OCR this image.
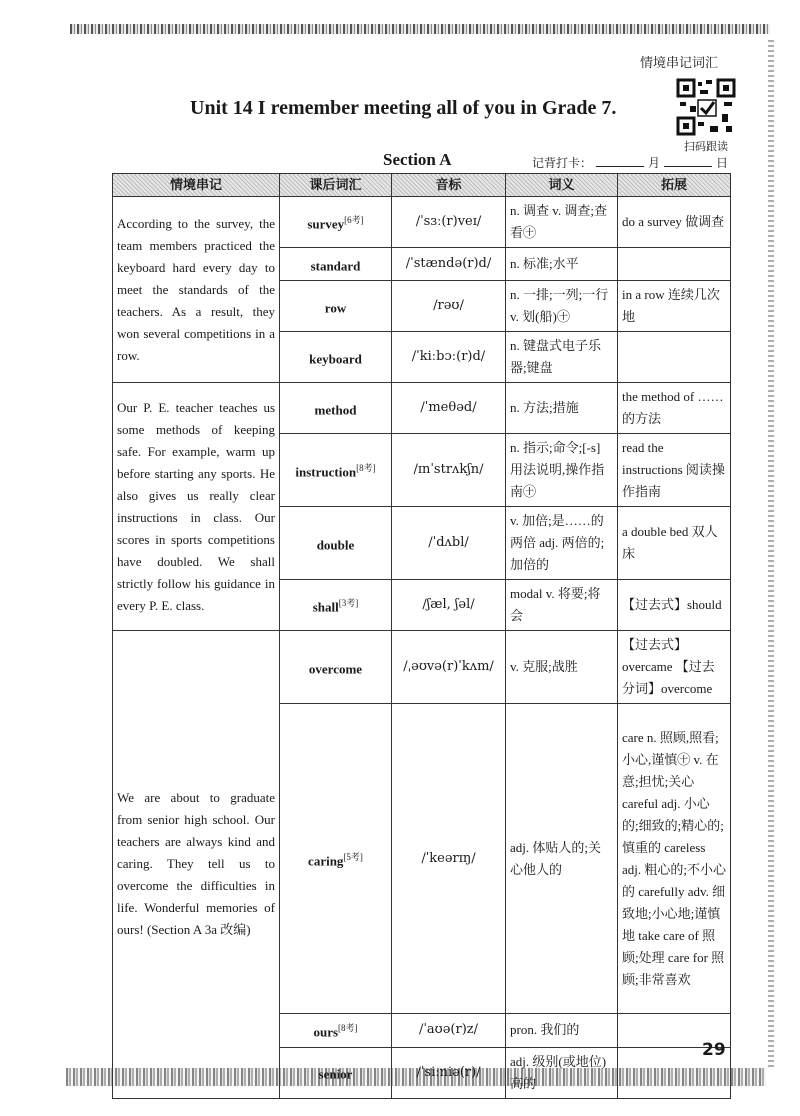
情境串记词汇
Unit 14 I remember meeting all of you in Grade 7.
扫码跟读
Section A	记背打卡：	月	日
情境串记	课后词汇	音标	词义	拓展
According to the survey, the team members practiced the keyboard hard every day to meet the standards of the teachers. As a result, they won several competitions in a row.	survey[6考]	/ˈsɜː(r)veɪ/	n. 调查 v. 调查;查看㊉	do a survey 做调查
	standard	/ˈstændə(r)d/	n. 标准;水平	
	row	/rəʊ/	n. 一排;一列;一行 v. 划(船)㊉	in a row 连续几次地
	keyboard	/ˈkiːbɔː(r)d/	n. 键盘式电子乐器;键盘	
Our P. E. teacher teaches us some methods of keeping safe. For example, warm up before starting any sports. He also gives us really clear instructions in class. Our scores in sports competitions have doubled. We shall strictly follow his guidance in every P. E. class.	method	/ˈmeθəd/	n. 方法;措施	the method of ……的方法
	instruction[8考]	/ɪnˈstrʌkʃn/	n. 指示;命令;[-s]用法说明,操作指南㊉	read the instructions 阅读操作指南
	double	/ˈdʌbl/	v. 加倍;是……的两倍 adj. 两倍的;加倍的	a double bed 双人床
	shall[3考]	/ʃæl, ʃəl/	modal v. 将要;将会	【过去式】should
We are about to graduate from senior high school. Our teachers are always kind and caring. They tell us to overcome the difficulties in life. Wonderful memories of ours! (Section A 3a 改编)	overcome	/ˌəʊvə(r)ˈkʌm/	v. 克服;战胜	【过去式】overcame 【过去分词】overcome
	caring[5考]	/ˈkeərɪŋ/	adj. 体贴人的;关心他人的	care n. 照顾,照看;小心,谨慎㊉ v. 在意;担忧;关心 careful adj. 小心的;细致的;精心的;慎重的 careless adj. 粗心的;不小心的 carefully adv. 细致地;小心地;谨慎地 take care of 照顾;处理 care for 照顾;非常喜欢
	ours[8考]	/ˈaʊə(r)z/	pron. 我们的	
	senior	/ˈsiːniə(r)/	adj. 级别(或地位)高的	
29
